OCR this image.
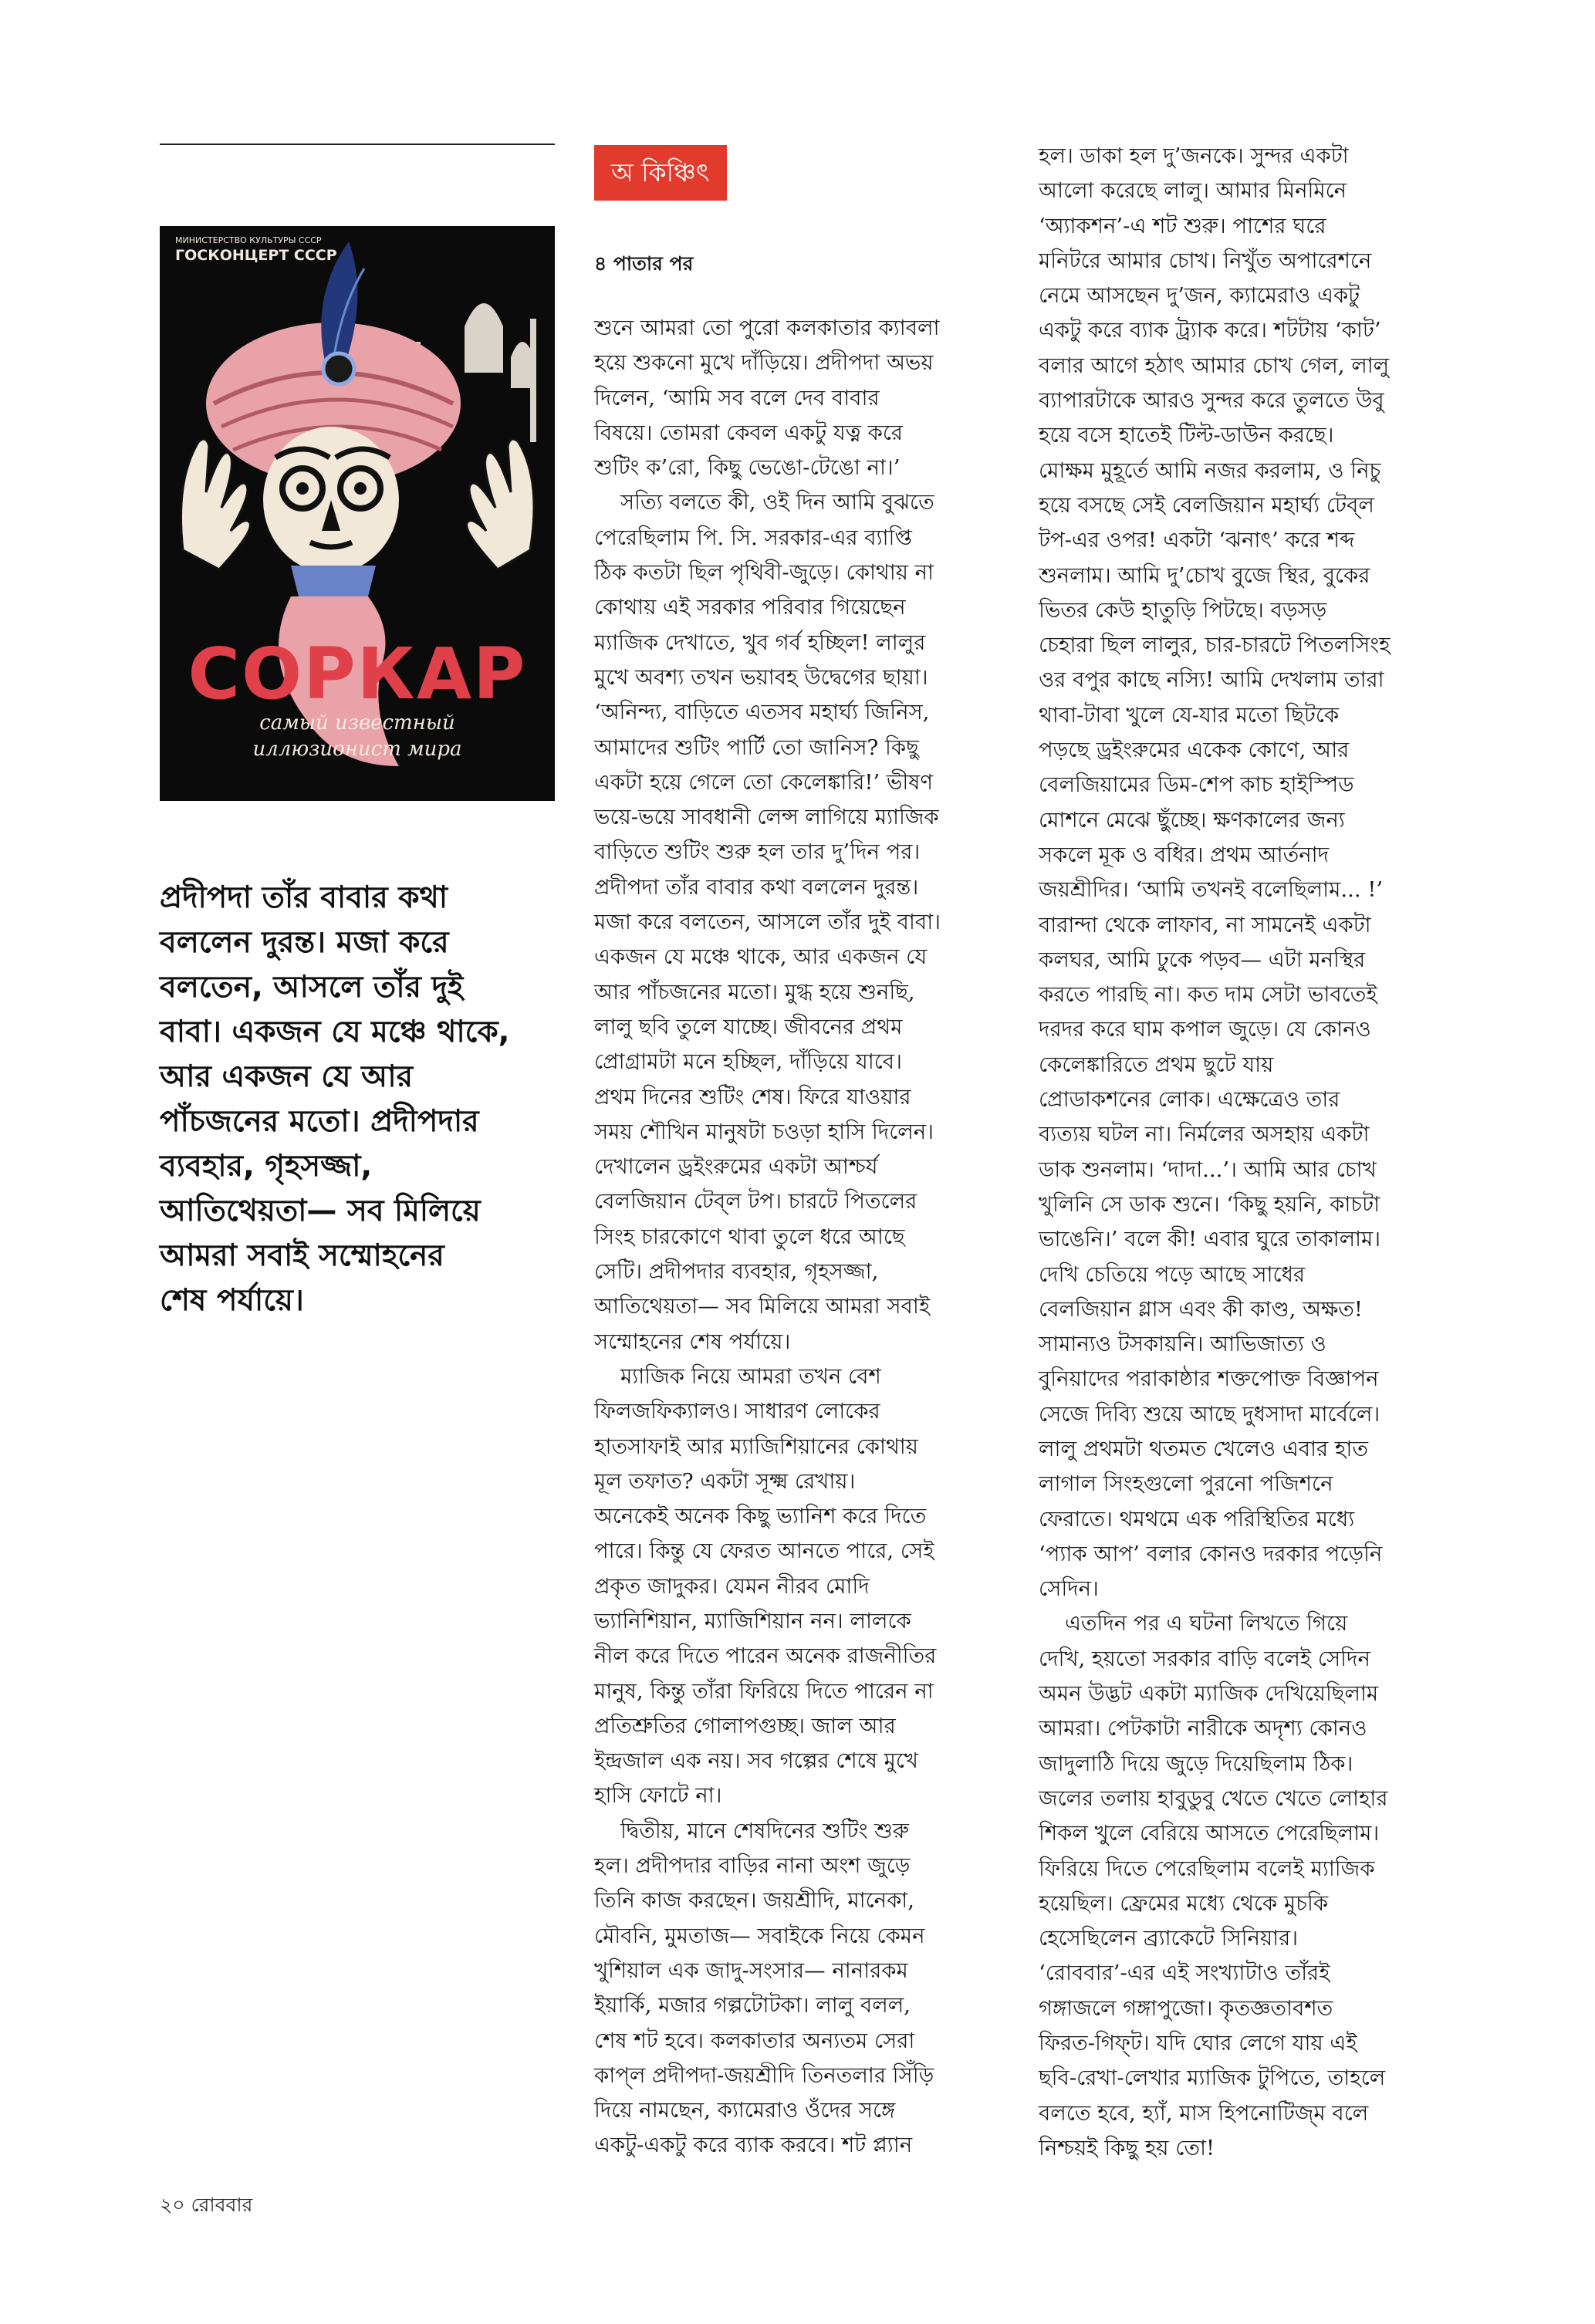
МИНИСТЕРСТВО КУЛЬТУРЫ СССР
ГОСКОНЦЕРТ СССР
СОРКАР
самый известный
иллюзионист мира
প্রদীপদা তাঁর বাবার কথা
বললেন দুরন্ত। মজা করে
বলতেন, আসলে তাঁর দুই
বাবা। একজন যে মঞ্চে থাকে,
আর একজন যে আর
পাঁচজনের মতো। প্রদীপদার
ব্যবহার, গৃহসজ্জা,
আতিথেয়তা— সব মিলিয়ে
আমরা সবাই সম্মোহনের
শেষ পর্যায়ে।
অ কিঞ্চিৎ
৪ পাতার পর

শুনে আমরা তো পুরো কলকাতার ক্যাবলা
হয়ে শুকনো মুখে দাঁড়িয়ে। প্রদীপদা অভয়
দিলেন, ‘আমি সব বলে দেব বাবার
বিষয়ে। তোমরা কেবল একটু যত্ন করে
শুটিং ক’রো, কিছু ভেঙো-টেঙো না।’

সত্যি বলতে কী, ওই দিন আমি বুঝতে
পেরেছিলাম পি. সি. সরকার-এর ব্যাপ্তি
ঠিক কতটা ছিল পৃথিবী-জুড়ে। কোথায় না
কোথায় এই সরকার পরিবার গিয়েছেন
ম্যাজিক দেখাতে, খুব গর্ব হচ্ছিল! লালুর
মুখে অবশ্য তখন ভয়াবহ উদ্বেগের ছায়া।
‘অনিন্দ্য, বাড়িতে এতসব মহার্ঘ্য জিনিস,
আমাদের শুটিং পার্টি তো জানিস? কিছু
একটা হয়ে গেলে তো কেলেঙ্কারি!’ ভীষণ
ভয়ে-ভয়ে সাবধানী লেন্স লাগিয়ে ম্যাজিক
বাড়িতে শুটিং শুরু হল তার দু’দিন পর।
প্রদীপদা তাঁর বাবার কথা বললেন দুরন্ত।
মজা করে বলতেন, আসলে তাঁর দুই বাবা।
একজন যে মঞ্চে থাকে, আর একজন যে
আর পাঁচজনের মতো। মুগ্ধ হয়ে শুনছি,
লালু ছবি তুলে যাচ্ছে। জীবনের প্রথম
প্রোগ্রামটা মনে হচ্ছিল, দাঁড়িয়ে যাবে।
প্রথম দিনের শুটিং শেষ। ফিরে যাওয়ার
সময় শৌখিন মানুষটা চওড়া হাসি দিলেন।
দেখালেন ড্রইংরুমের একটা আশ্চর্য
বেলজিয়ান টেব্‌ল টপ। চারটে পিতলের
সিংহ চারকোণে থাবা তুলে ধরে আছে
সেটি। প্রদীপদার ব্যবহার, গৃহসজ্জা,
আতিথেয়তা— সব মিলিয়ে আমরা সবাই
সম্মোহনের শেষ পর্যায়ে।

ম্যাজিক নিয়ে আমরা তখন বেশ
ফিলজফিক্যালও। সাধারণ লোকের
হাতসাফাই আর ম্যাজিশিয়ানের কোথায়
মূল তফাত? একটা সূক্ষ্ম রেখায়।
অনেকেই অনেক কিছু ভ্যানিশ করে দিতে
পারে। কিন্তু যে ফেরত আনতে পারে, সেই
প্রকৃত জাদুকর। যেমন নীরব মোদি
ভ্যানিশিয়ান, ম্যাজিশিয়ান নন। লালকে
নীল করে দিতে পারেন অনেক রাজনীতির
মানুষ, কিন্তু তাঁরা ফিরিয়ে দিতে পারেন না
প্রতিশ্রুতির গোলাপগুচ্ছ। জাল আর
ইন্দ্রজাল এক নয়। সব গল্পের শেষে মুখে
হাসি ফোটে না।

দ্বিতীয়, মানে শেষদিনের শুটিং শুরু
হল। প্রদীপদার বাড়ির নানা অংশ জুড়ে
তিনি কাজ করছেন। জয়শ্রীদি, মানেকা,
মৌবনি, মুমতাজ— সবাইকে নিয়ে কেমন
খুশিয়াল এক জাদু-সংসার— নানারকম
ইয়ার্কি, মজার গল্পটোটকা। লালু বলল,
শেষ শট হবে। কলকাতার অন্যতম সেরা
কাপ্‌ল প্রদীপদা-জয়শ্রীদি তিনতলার সিঁড়ি
দিয়ে নামছেন, ক্যামেরাও ওঁদের সঙ্গে
একটু-একটু করে ব্যাক করবে। শট প্ল্যান

হল। ডাকা হল দু’জনকে। সুন্দর একটা
আলো করেছে লালু। আমার মিনমিনে
‘অ্যাকশন’-এ শট শুরু। পাশের ঘরে
মনিটরে আমার চোখ। নিখুঁত অপারেশনে
নেমে আসছেন দু’জন, ক্যামেরাও একটু
একটু করে ব্যাক ট্র্যাক করে। শটটায় ‘কাট’
বলার আগে হঠাৎ আমার চোখ গেল, লালু
ব্যাপারটাকে আরও সুন্দর করে তুলতে উবু
হয়ে বসে হাতেই টিল্ট-ডাউন করছে।
মোক্ষম মুহূর্তে আমি নজর করলাম, ও নিচু
হয়ে বসছে সেই বেলজিয়ান মহার্ঘ্য টেব্‌ল
টপ-এর ওপর! একটা ‘ঝনাৎ’ করে শব্দ
শুনলাম। আমি দু’চোখ বুজে স্থির, বুকের
ভিতর কেউ হাতুড়ি পিটছে। বড়সড়
চেহারা ছিল লালুর, চার-চারটে পিতলসিংহ
ওর বপুর কাছে নস্যি! আমি দেখলাম তারা
থাবা-টাবা খুলে যে-যার মতো ছিটকে
পড়ছে ড্রইংরুমের একেক কোণে, আর
বেলজিয়ামের ডিম-শেপ কাচ হাইস্পিড
মোশনে মেঝে ছুঁচ্ছে। ক্ষণকালের জন্য
সকলে মূক ও বধির। প্রথম আর্তনাদ
জয়শ্রীদির। ‘আমি তখনই বলেছিলাম... !’
বারান্দা থেকে লাফাব, না সামনেই একটা
কলঘর, আমি ঢুকে পড়ব— এটা মনস্থির
করতে পারছি না। কত দাম সেটা ভাবতেই
দরদর করে ঘাম কপাল জুড়ে। যে কোনও
কেলেঙ্কারিতে প্রথম ছুটে যায়
প্রোডাকশনের লোক। এক্ষেত্রেও তার
ব্যত্যয় ঘটল না। নির্মলের অসহায় একটা
ডাক শুনলাম। ‘দাদা...’। আমি আর চোখ
খুলিনি সে ডাক শুনে। ‘কিছু হয়নি, কাচটা
ভাঙেনি।’ বলে কী! এবার ঘুরে তাকালাম।
দেখি চেতিয়ে পড়ে আছে সাধের
বেলজিয়ান গ্লাস এবং কী কাণ্ড, অক্ষত!
সামান্যও টসকায়নি। আভিজাত্য ও
বুনিয়াদের পরাকাষ্ঠার শক্তপোক্ত বিজ্ঞাপন
সেজে দিব্যি শুয়ে আছে দুধসাদা মার্বেলে।
লালু প্রথমটা থতমত খেলেও এবার হাত
লাগাল সিংহগুলো পুরনো পজিশনে
ফেরাতে। থমথমে এক পরিস্থিতির মধ্যে
‘প্যাক আপ’ বলার কোনও দরকার পড়েনি
সেদিন।

এতদিন পর এ ঘটনা লিখতে গিয়ে
দেখি, হয়তো সরকার বাড়ি বলেই সেদিন
অমন উদ্ভট একটা ম্যাজিক দেখিয়েছিলাম
আমরা। পেটকাটা নারীকে অদৃশ্য কোনও
জাদুলাঠি দিয়ে জুড়ে দিয়েছিলাম ঠিক।
জলের তলায় হাবুডুবু খেতে খেতে লোহার
শিকল খুলে বেরিয়ে আসতে পেরেছিলাম।
ফিরিয়ে দিতে পেরেছিলাম বলেই ম্যাজিক
হয়েছিল। ফ্রেমের মধ্যে থেকে মুচকি
হেসেছিলেন ব্র্যাকেটে সিনিয়ার।
‘রোববার’-এর এই সংখ্যাটাও তাঁরই
গঙ্গাজলে গঙ্গাপুজো। কৃতজ্ঞতাবশত
ফিরত-গিফ্‌ট। যদি ঘোর লেগে যায় এই
ছবি-রেখা-লেখার ম্যাজিক টুপিতে, তাহলে
বলতে হবে, হ্যাঁ, মাস হিপনোটিজ্‌ম বলে
নিশ্চয়ই কিছু হয় তো!

২০ রোববার
